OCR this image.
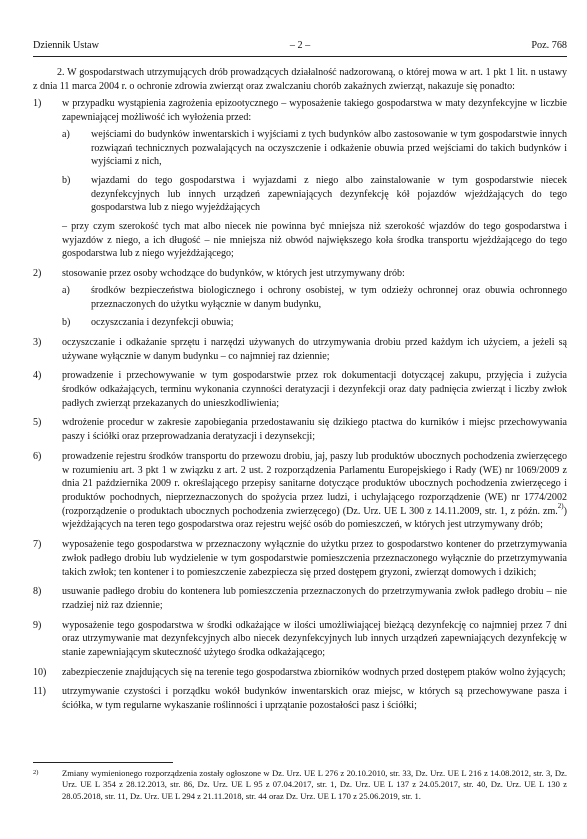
Dziennik Ustaw	– 2 –	Poz. 768

2. W gospodarstwach utrzymujących drób prowadzących działalność nadzorowaną, o której mowa w art. 1 pkt 1 lit. n ustawy z dnia 11 marca 2004 r. o ochronie zdrowia zwierząt oraz zwalczaniu chorób zakaźnych zwierząt, nakazuje się ponadto:

1) w przypadku wystąpienia zagrożenia epizootycznego – wyposażenie takiego gospodarstwa w maty dezynfekcyjne w liczbie zapewniającej możliwość ich wyłożenia przed:

a) wejściami do budynków inwentarskich i wyjściami z tych budynków albo zastosowanie w tym gospodarstwie innych rozwiązań technicznych pozwalających na oczyszczenie i odkażenie obuwia przed wejściami do takich budynków i wyjściami z nich,

b) wjazdami do tego gospodarstwa i wyjazdami z niego albo zainstalowanie w tym gospodarstwie niecek dezynfekcyjnych lub innych urządzeń zapewniających dezynfekcję kół pojazdów wjeżdżających do tego gospodarstwa lub z niego wyjeżdżających

– przy czym szerokość tych mat albo niecek nie powinna być mniejsza niż szerokość wjazdów do tego gospodarstwa i wyjazdów z niego, a ich długość – nie mniejsza niż obwód największego koła środka transportu wjeżdżającego do tego gospodarstwa lub z niego wyjeżdżającego;

2) stosowanie przez osoby wchodzące do budynków, w których jest utrzymywany drób:

a) środków bezpieczeństwa biologicznego i ochrony osobistej, w tym odzieży ochronnej oraz obuwia ochronnego przeznaczonych do użytku wyłącznie w danym budynku,

b) oczyszczania i dezynfekcji obuwia;

3) oczyszczanie i odkażanie sprzętu i narzędzi używanych do utrzymywania drobiu przed każdym ich użyciem, a jeżeli są używane wyłącznie w danym budynku – co najmniej raz dziennie;

4) prowadzenie i przechowywanie w tym gospodarstwie przez rok dokumentacji dotyczącej zakupu, przyjęcia i zużycia środków odkażających, terminu wykonania czynności deratyzacji i dezynfekcji oraz daty padnięcia zwierząt i liczby zwłok padłych zwierząt przekazanych do unieszkodliwienia;

5) wdrożenie procedur w zakresie zapobiegania przedostawaniu się dzikiego ptactwa do kurników i miejsc przechowywania paszy i ściółki oraz przeprowadzania deratyzacji i dezynsekcji;

6) prowadzenie rejestru środków transportu do przewozu drobiu, jaj, paszy lub produktów ubocznych pochodzenia zwierzęcego w rozumieniu art. 3 pkt 1 w związku z art. 2 ust. 2 rozporządzenia Parlamentu Europejskiego i Rady (WE) nr 1069/2009 z dnia 21 października 2009 r. określającego przepisy sanitarne dotyczące produktów ubocznych pochodzenia zwierzęcego i produktów pochodnych, nieprzeznaczonych do spożycia przez ludzi, i uchylającego rozporządzenie (WE) nr 1774/2002 (rozporządzenie o produktach ubocznych pochodzenia zwierzęcego) (Dz. Urz. UE L 300 z 14.11.2009, str. 1, z późn. zm.$^{2)}$) wjeżdżających na teren tego gospodarstwa oraz rejestru wejść osób do pomieszczeń, w których jest utrzymywany drób;

7) wyposażenie tego gospodarstwa w przeznaczony wyłącznie do użytku przez to gospodarstwo kontener do przetrzymywania zwłok padłego drobiu lub wydzielenie w tym gospodarstwie pomieszczenia przeznaczonego wyłącznie do przetrzymywania takich zwłok; ten kontener i to pomieszczenie zabezpiecza się przed dostępem gryzoni, zwierząt domowych i dzikich;

8) usuwanie padłego drobiu do kontenera lub pomieszczenia przeznaczonych do przetrzymywania zwłok padłego drobiu – nie rzadziej niż raz dziennie;

9) wyposażenie tego gospodarstwa w środki odkażające w ilości umożliwiającej bieżącą dezynfekcję co najmniej przez 7 dni oraz utrzymywanie mat dezynfekcyjnych albo niecek dezynfekcyjnych lub innych urządzeń zapewniających dezynfekcję w stanie zapewniającym skuteczność użytego środka odkażającego;

10) zabezpieczenie znajdujących się na terenie tego gospodarstwa zbiorników wodnych przed dostępem ptaków wolno żyjących;

11) utrzymywanie czystości i porządku wokół budynków inwentarskich oraz miejsc, w których są przechowywane pasza i ściółka, w tym regularne wykaszanie roślinności i uprzątanie pozostałości pasz i ściółki;

2)	Zmiany wymienionego rozporządzenia zostały ogłoszone w Dz. Urz. UE L 276 z 20.10.2010, str. 33, Dz. Urz. UE L 216 z 14.08.2012, str. 3, Dz. Urz. UE L 354 z 28.12.2013, str. 86, Dz. Urz. UE L 95 z 07.04.2017, str. 1, Dz. Urz. UE L 137 z 24.05.2017, str. 40, Dz. Urz. UE L 130 z 28.05.2018, str. 11, Dz. Urz. UE L 294 z 21.11.2018, str. 44 oraz Dz. Urz. UE L 170 z 25.06.2019, str. 1.
